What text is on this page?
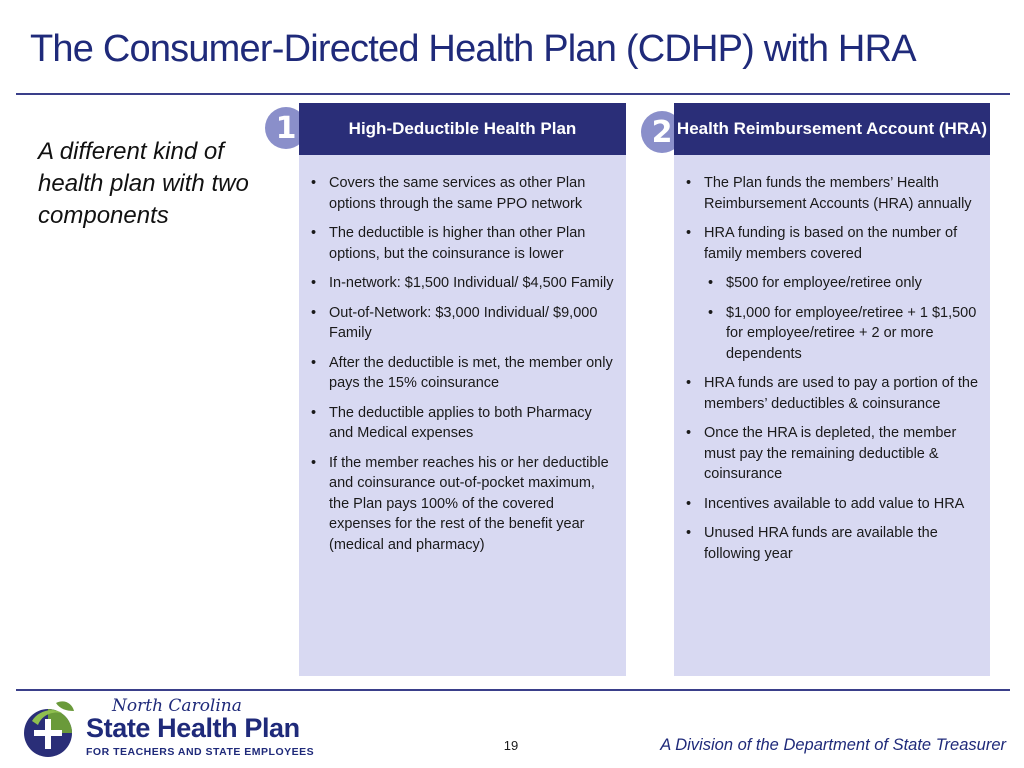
The Consumer-Directed Health Plan (CDHP) with HRA
A different kind of health plan with two components
1	High-Deductible Health Plan
• Covers the same services as other Plan options through the same PPO network
• The deductible is higher than other Plan options, but the coinsurance is lower
• In-network: $1,500 Individual/ $4,500 Family
• Out-of-Network: $3,000 Individual/ $9,000 Family
• After the deductible is met, the member only pays the 15% coinsurance
• The deductible applies to both Pharmacy and Medical expenses
• If the member reaches his or her deductible and coinsurance out-of-pocket maximum, the Plan pays 100% of the covered expenses for the rest of the benefit year (medical and pharmacy)
2 Health Reimbursement Account (HRA)
• The Plan funds the members’ Health Reimbursement Accounts (HRA) annually
• HRA funding is based on the number of family members covered
• $500 for employee/retiree only
• $1,000 for employee/retiree + 1 $1,500 for employee/retiree + 2 or more dependents
• HRA funds are used to pay a portion of the members’ deductibles & coinsurance
• Once the HRA is depleted, the member must pay the remaining deductible & coinsurance
• Incentives available to add value to HRA
• Unused HRA funds are available the following year
North Carolina
State Health Plan
FOR TEACHERS AND STATE EMPLOYEES	19	A Division of the Department of State Treasurer
